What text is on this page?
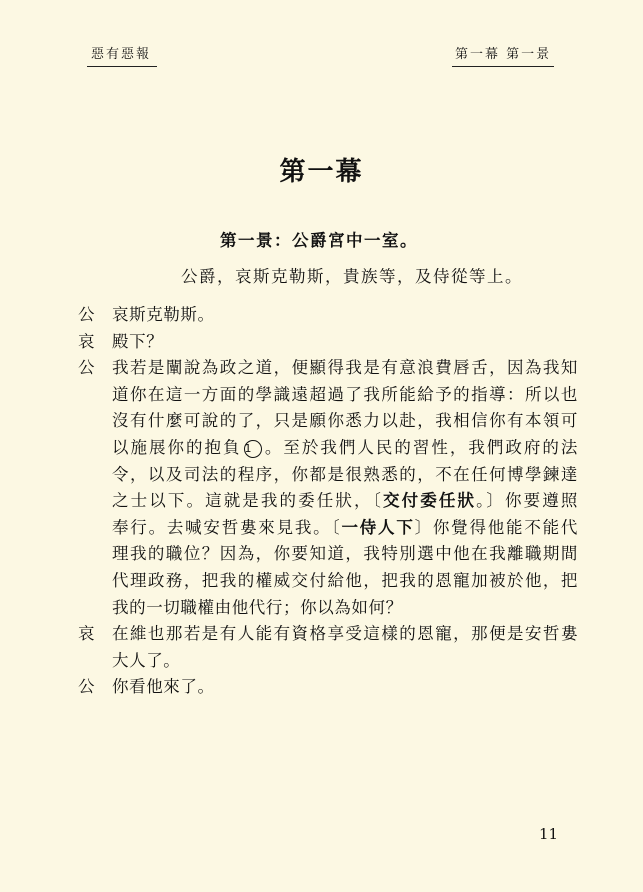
惡有惡報	第一幕 第一景
第一幕
第一景：公爵宮中一室。
公爵，哀斯克勒斯，貴族等，及侍從等上。
公	哀斯克勒斯。
哀	殿下？
公	我若是闡說為政之道，便顯得我是有意浪費唇舌，因為我知
道你在這一方面的學識遠超過了我所能給予的指導：所以也
沒有什麼可說的了，只是願你悉力以赴，我相信你有本領可
以施展你的抱負 1 。至於我們人民的習性，我們政府的法
令，以及司法的程序，你都是很熟悉的，不在任何博學鍊達
之士以下。這就是我的委任狀，〔交付委任狀。〕你要遵照
奉行。去喊安哲婁來見我。〔一侍人下〕你覺得他能不能代
理我的職位？因為，你要知道，我特別選中他在我離職期間
代理政務，把我的權威交付給他，把我的恩寵加被於他，把
我的一切職權由他代行；你以為如何？
哀	在維也那若是有人能有資格享受這樣的恩寵，那便是安哲婁
大人了。
公	你看他來了。
11
